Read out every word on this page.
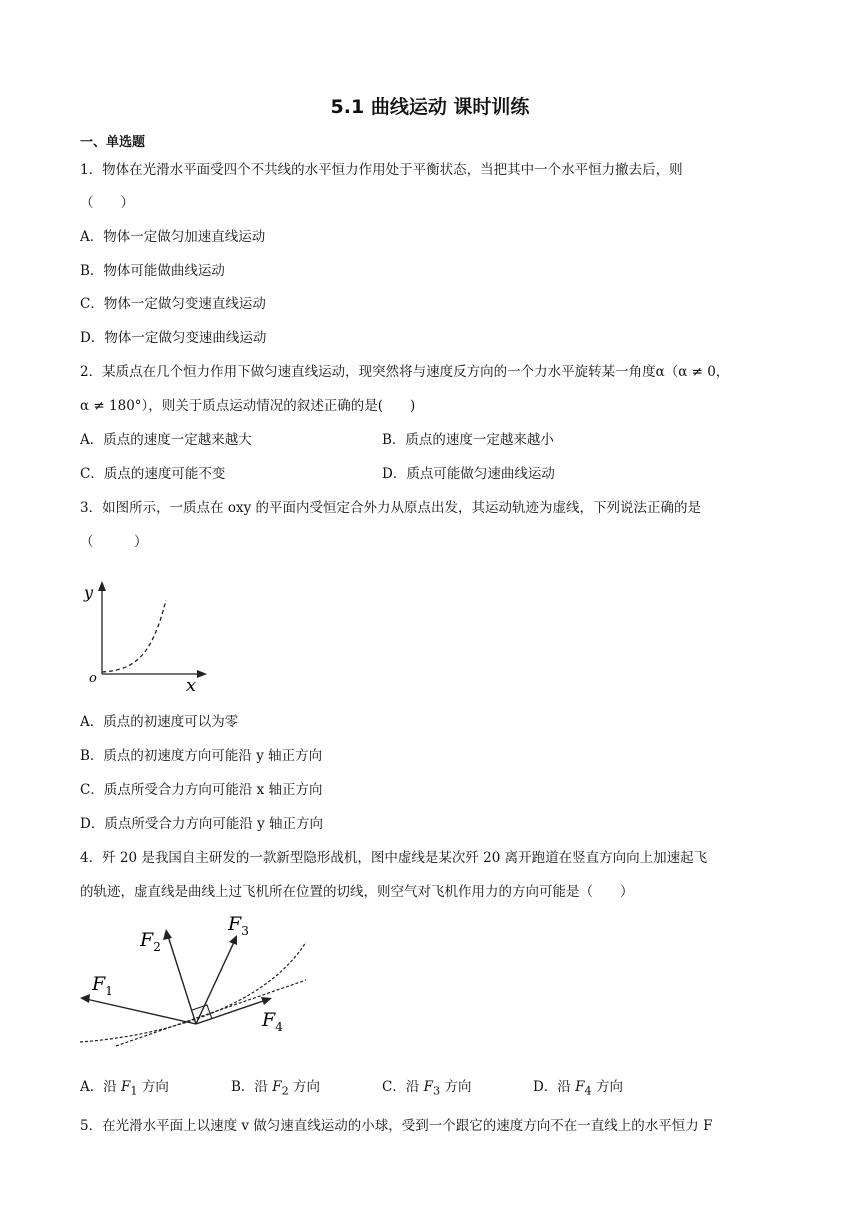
5.1 曲线运动 课时训练
一、单选题
1．物体在光滑水平面受四个不共线的水平恒力作用处于平衡状态，当把其中一个水平恒力撤去后，则
（　　）
A．物体一定做匀加速直线运动
B．物体可能做曲线运动
C．物体一定做匀变速直线运动
D．物体一定做匀变速曲线运动
2．某质点在几个恒力作用下做匀速直线运动，现突然将与速度反方向的一个力水平旋转某一角度α（α ≠ 0，
α ≠ 180°），则关于质点运动情况的叙述正确的是(　　)
A．质点的速度一定越来越大	B．质点的速度一定越来越小
C．质点的速度可能不变	D．质点可能做匀速曲线运动
3．如图所示，一质点在 oxy 的平面内受恒定合外力从原点出发，其运动轨迹为虚线，下列说法正确的是
（　　　）
y
x
o
A．质点的初速度可以为零
B．质点的初速度方向可能沿 y 轴正方向
C．质点所受合力方向可能沿 x 轴正方向
D．质点所受合力方向可能沿 y 轴正方向
4．歼 20 是我国自主研发的一款新型隐形战机，图中虚线是某次歼 20 离开跑道在竖直方向向上加速起飞
的轨迹，虚直线是曲线上过飞机所在位置的切线，则空气对飞机作用力的方向可能是（　　）
$F_1$
$F_2$
$F_3$
$F_4$
A．沿 $F_1$ 方向	B．沿 $F_2$ 方向	C．沿 $F_3$ 方向	D．沿 $F_4$ 方向
5．在光滑水平面上以速度 v 做匀速直线运动的小球，受到一个跟它的速度方向不在一直线上的水平恒力 F
